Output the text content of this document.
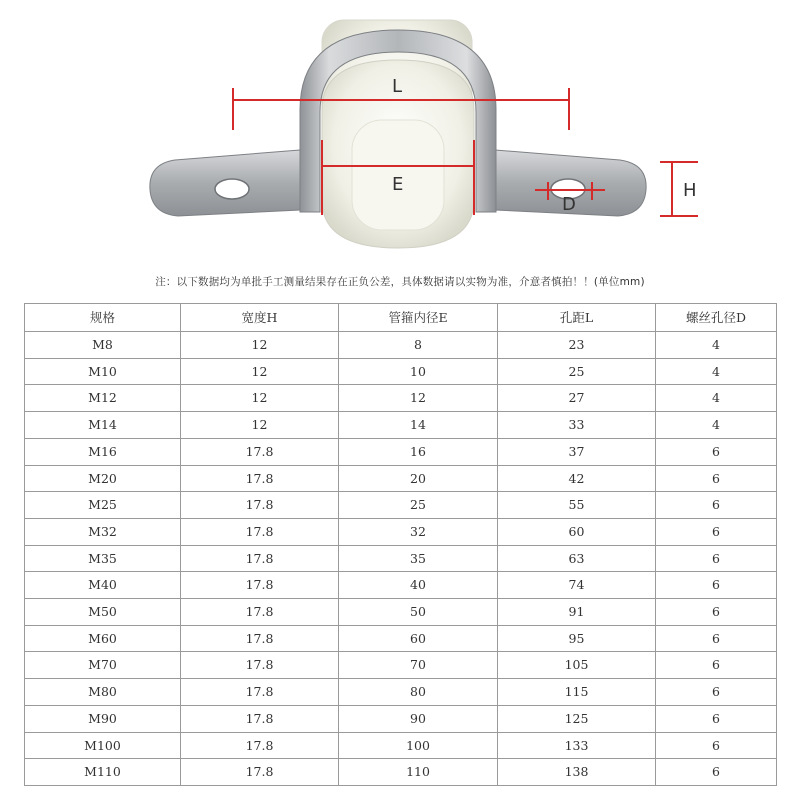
L
E
D
H
注：以下数据均为单批手工测量结果存在正负公差，具体数据请以实物为准，介意者慎拍！！(单位mm)
规格	宽度H	管箍内径E	孔距L	螺丝孔径D
M8	12	8	23	4
M10	12	10	25	4
M12	12	12	27	4
M14	12	14	33	4
M16	17.8	16	37	6
M20	17.8	20	42	6
M25	17.8	25	55	6
M32	17.8	32	60	6
M35	17.8	35	63	6
M40	17.8	40	74	6
M50	17.8	50	91	6
M60	17.8	60	95	6
M70	17.8	70	105	6
M80	17.8	80	115	6
M90	17.8	90	125	6
M100	17.8	100	133	6
M110	17.8	110	138	6
